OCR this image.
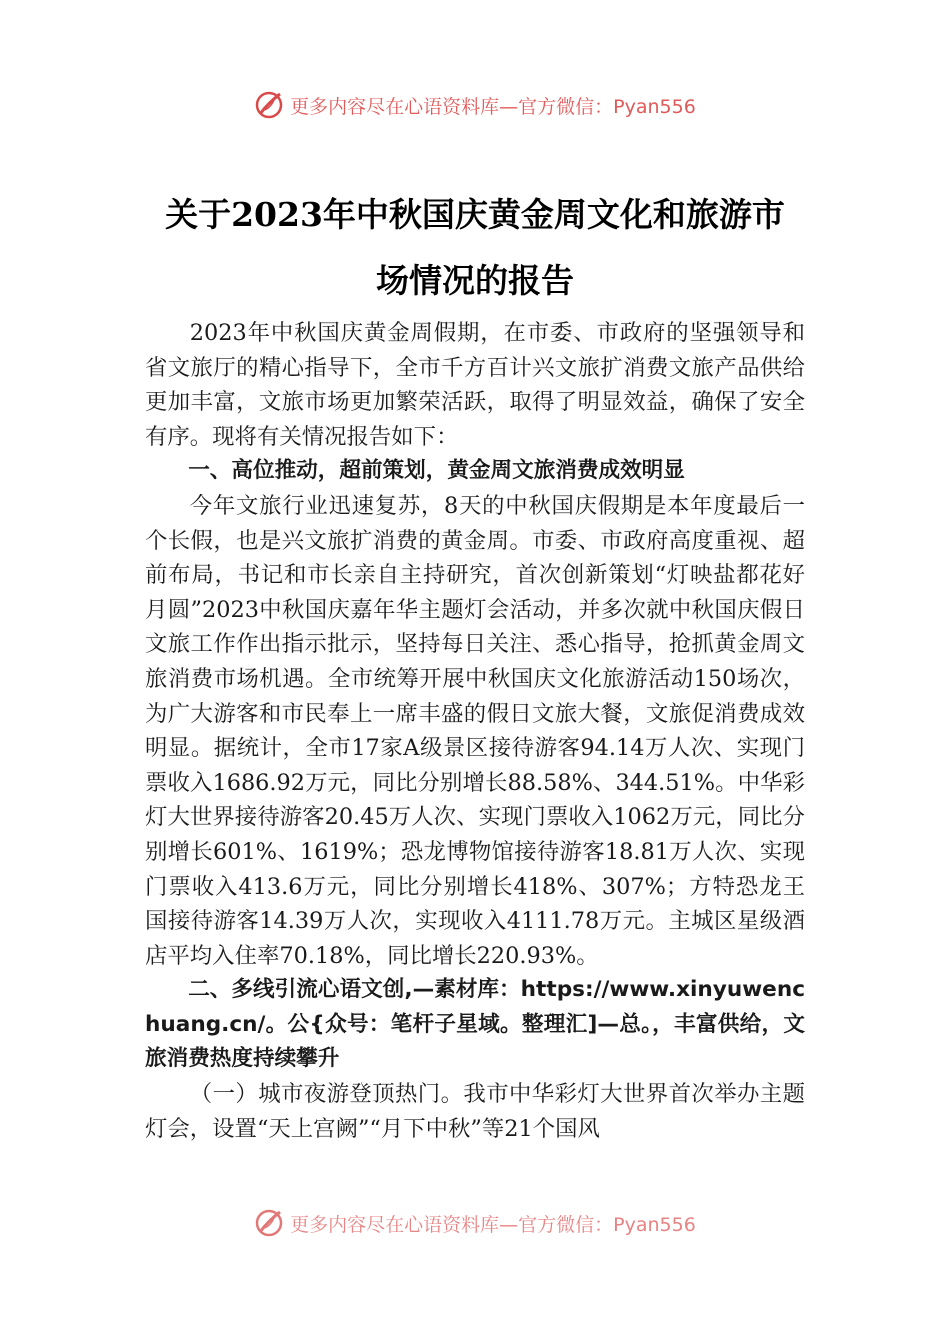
更多内容尽在心语资料库—官方微信：Pyan556
关于2023年中秋国庆黄金周文化和旅游市
场情况的报告

2023年中秋国庆黄金周假期，在市委、市政府的坚强领导和省文旅厅的精心指导下，全市千方百计兴文旅扩消费文旅产品供给更加丰富，文旅市场更加繁荣活跃，取得了明显效益，确保了安全有序。现将有关情况报告如下：

一、高位推动，超前策划，黄金周文旅消费成效明显

今年文旅行业迅速复苏，8天的中秋国庆假期是本年度最后一个长假，也是兴文旅扩消费的黄金周。市委、市政府高度重视、超前布局，书记和市长亲自主持研究，首次创新策划“灯映盐都花好月圆”2023中秋国庆嘉年华主题灯会活动，并多次就中秋国庆假日文旅工作作出指示批示，坚持每日关注、悉心指导，抢抓黄金周文旅消费市场机遇。全市统筹开展中秋国庆文化旅游活动150场次，为广大游客和市民奉上一席丰盛的假日文旅大餐，文旅促消费成效明显。据统计，全市17家A级景区接待游客94.14万人次、实现门票收入1686.92万元，同比分别增长88.58%、344.51%。中华彩灯大世界接待游客20.45万人次、实现门票收入1062万元，同比分别增长601%、1619%；恐龙博物馆接待游客18.81万人次、实现门票收入413.6万元，同比分别增长418%、307%；方特恐龙王国接待游客14.39万人次，实现收入4111.78万元。主城区星级酒店平均入住率70.18%，同比增长220.93%。

二、多线引流心语文创,—素材库：https://www.xinyuwenchuang.cn/。公{众号：笔杆子星域。整理汇]—总。，丰富供给，文旅消费热度持续攀升

（一）城市夜游登顶热门。我市中华彩灯大世界首次举办主题灯会，设置“天上宫阙”“月下中秋”等21个国风

更多内容尽在心语资料库—官方微信：Pyan556
